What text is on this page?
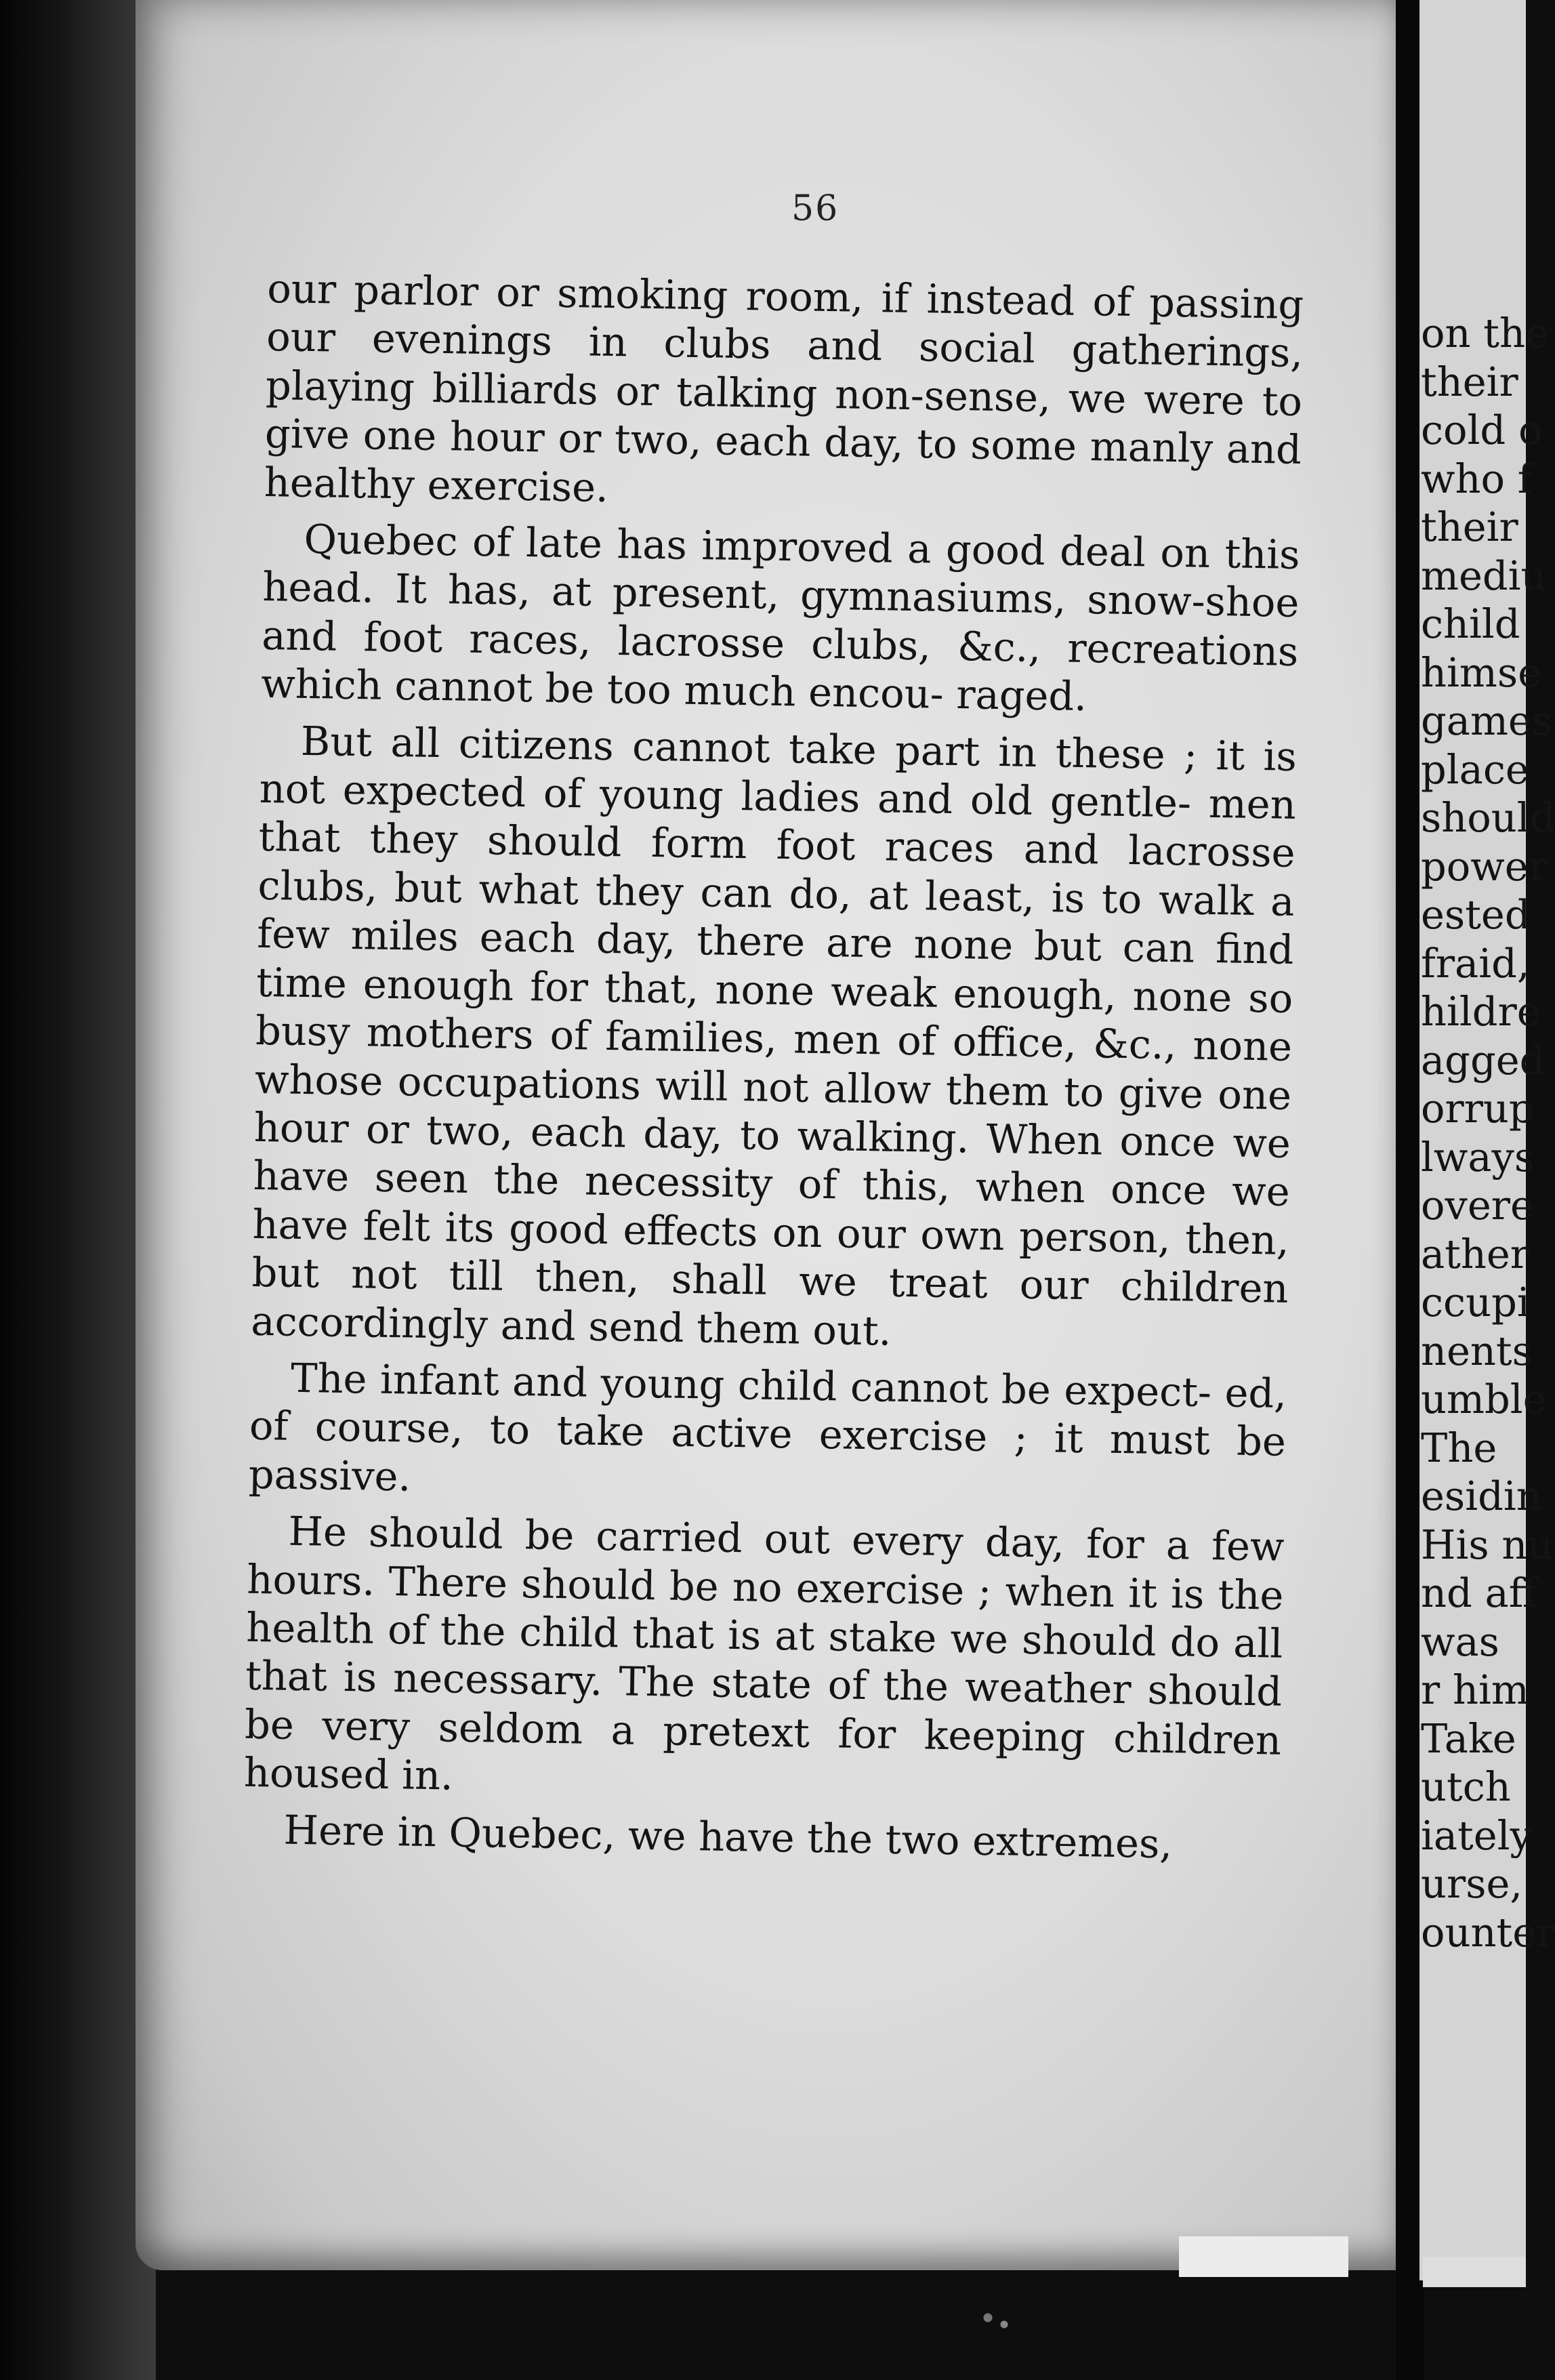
56

our parlor or smoking room, if instead of passing our evenings in clubs and social gatherings, playing billiards or talking non-sense, we were to give one hour or two, each day, to some manly and healthy exercise.

Quebec of late has improved a good deal on this head. It has, at present, gymnasiums, snow-shoe and foot races, lacrosse clubs, &c., recreations which cannot be too much encou- raged.

But all citizens cannot take part in these ; it is not expected of young ladies and old gentle- men that they should form foot races and lacrosse clubs, but what they can do, at least, is to walk a few miles each day, there are none but can find time enough for that, none weak enough, none so busy mothers of families, men of office, &c., none whose occupations will not allow them to give one hour or two, each day, to walking. When once we have seen the necessity of this, when once we have felt its good effects on our own person, then, but not till then, shall we treat our children accordingly and send them out.

The infant and young child cannot be expect- ed, of course, to take active exercise ; it must be passive.

He should be carried out every day, for a few hours. There should be no exercise ; when it is the health of the child that is at stake we should do all that is necessary. The state of the weather should be very seldom a pretext for keeping children housed in.

Here in Quebec, we have the two extremes,

on the
their
cold o
who f
their
mediu
child
himse
games
place
should
power
ested
fraid,
hildre
agged
orrup
lways
overe
ather
ccupi
nents
umble
The
esidin
His nu
nd aff
was
r him
Take
utch
iately
urse,
ounter
